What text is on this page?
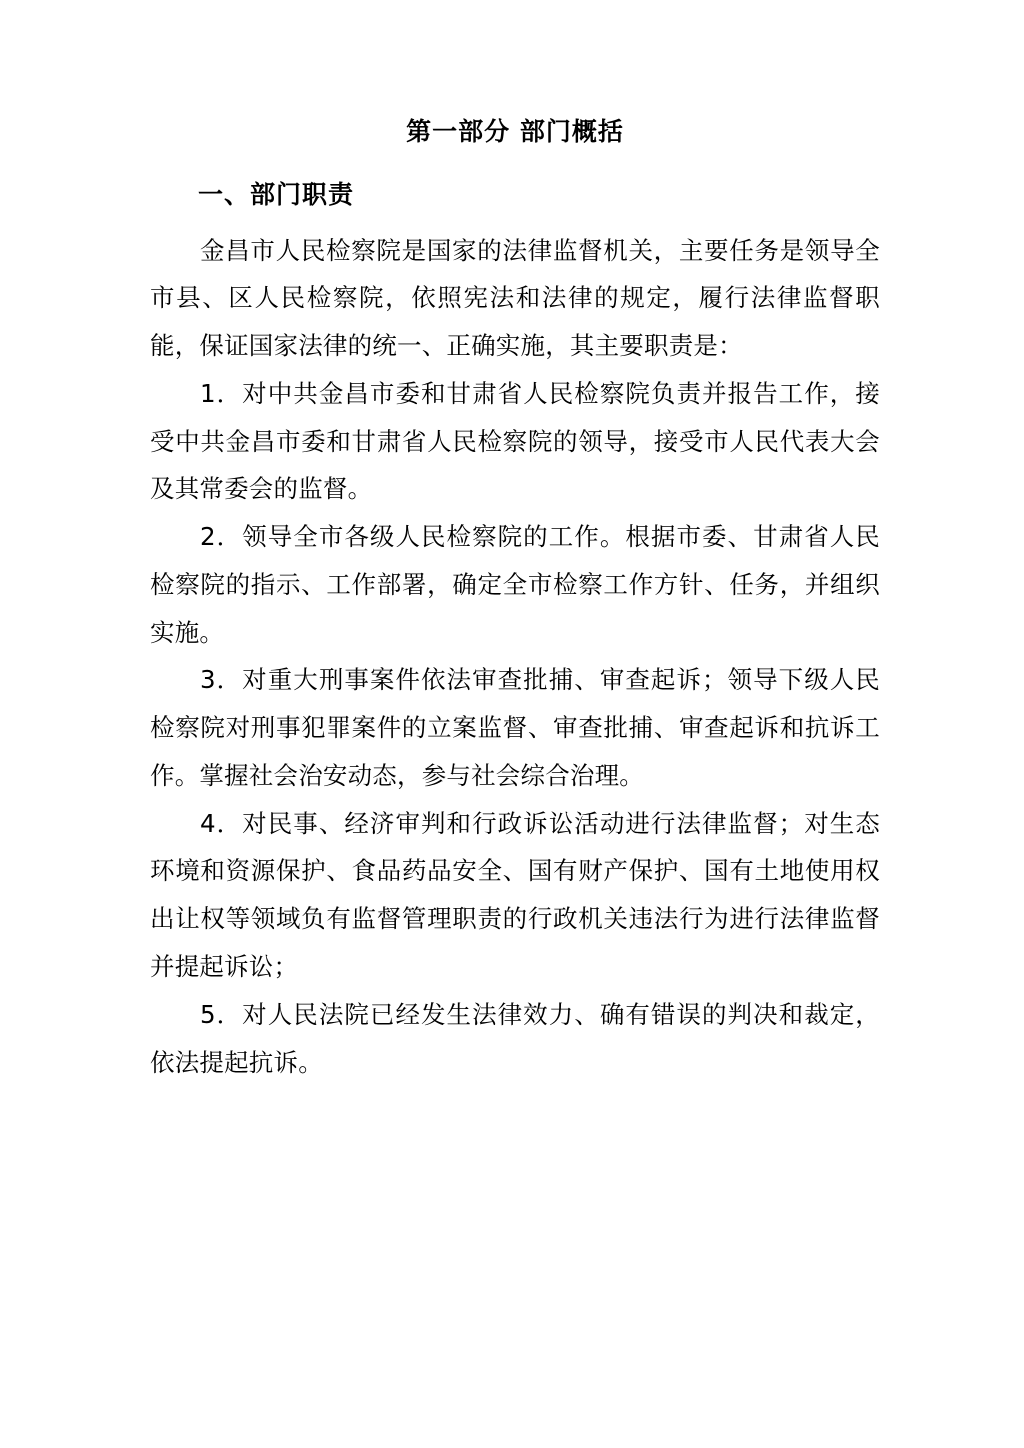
第一部分 部门概括
一、部门职责

金昌市人民检察院是国家的法律监督机关，主要任务是领导全市县、区人民检察院，依照宪法和法律的规定，履行法律监督职能，保证国家法律的统一、正确实施，其主要职责是：

1．对中共金昌市委和甘肃省人民检察院负责并报告工作，接受中共金昌市委和甘肃省人民检察院的领导，接受市人民代表大会及其常委会的监督。

2．领导全市各级人民检察院的工作。根据市委、甘肃省人民检察院的指示、工作部署，确定全市检察工作方针、任务，并组织实施。

3．对重大刑事案件依法审查批捕、审查起诉；领导下级人民检察院对刑事犯罪案件的立案监督、审查批捕、审查起诉和抗诉工作。掌握社会治安动态，参与社会综合治理。

4．对民事、经济审判和行政诉讼活动进行法律监督；对生态环境和资源保护、食品药品安全、国有财产保护、国有土地使用权出让权等领域负有监督管理职责的行政机关违法行为进行法律监督并提起诉讼；

5．对人民法院已经发生法律效力、确有错误的判决和裁定，依法提起抗诉。
